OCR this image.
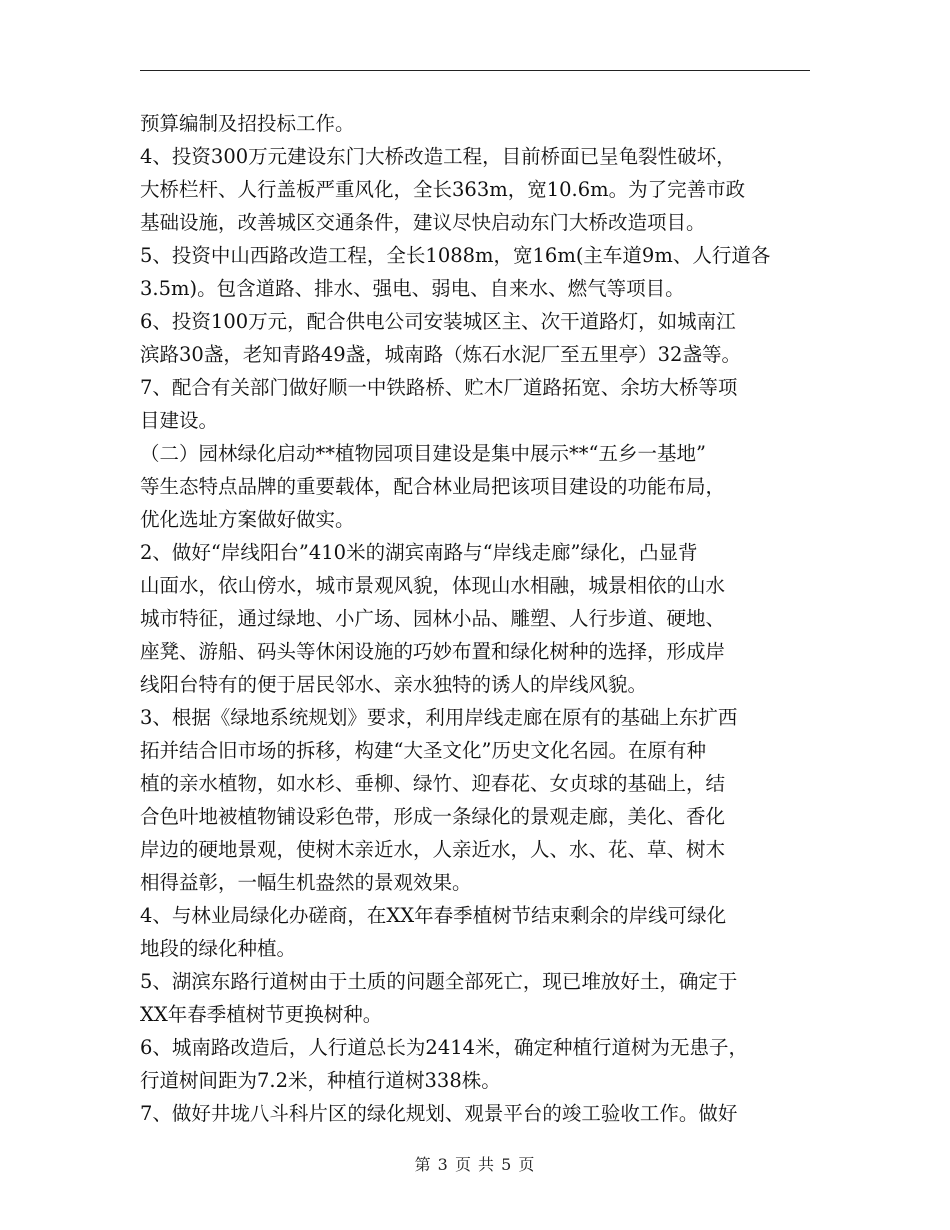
预算编制及招投标工作。
4、投资300万元建设东门大桥改造工程，目前桥面已呈龟裂性破坏，
大桥栏杆、人行盖板严重风化，全长363m，宽10.6m。为了完善市政
基础设施，改善城区交通条件，建议尽快启动东门大桥改造项目。
5、投资中山西路改造工程，全长1088m，宽16m(主车道9m、人行道各
3.5m)。包含道路、排水、强电、弱电、自来水、燃气等项目。
6、投资100万元，配合供电公司安装城区主、次干道路灯，如城南江
滨路30盏，老知青路49盏，城南路（炼石水泥厂至五里亭）32盏等。
7、配合有关部门做好顺一中铁路桥、贮木厂道路拓宽、余坊大桥等项
目建设。
（二）园林绿化启动**植物园项目建设是集中展示**“五乡一基地”
等生态特点品牌的重要载体，配合林业局把该项目建设的功能布局，
优化选址方案做好做实。
2、做好“岸线阳台”410米的湖宾南路与“岸线走廊”绿化，凸显背
山面水，依山傍水，城市景观风貌，体现山水相融，城景相依的山水
城市特征，通过绿地、小广场、园林小品、雕塑、人行步道、硬地、
座凳、游船、码头等休闲设施的巧妙布置和绿化树种的选择，形成岸
线阳台特有的便于居民邻水、亲水独特的诱人的岸线风貌。
3、根据《绿地系统规划》要求，利用岸线走廊在原有的基础上东扩西
拓并结合旧市场的拆移，构建“大圣文化”历史文化名园。在原有种
植的亲水植物，如水杉、垂柳、绿竹、迎春花、女贞球的基础上，结
合色叶地被植物铺设彩色带，形成一条绿化的景观走廊，美化、香化
岸边的硬地景观，使树木亲近水，人亲近水，人、水、花、草、树木
相得益彰，一幅生机盎然的景观效果。
4、与林业局绿化办磋商，在XX年春季植树节结束剩余的岸线可绿化
地段的绿化种植。
5、湖滨东路行道树由于土质的问题全部死亡，现已堆放好土，确定于
XX年春季植树节更换树种。
6、城南路改造后，人行道总长为2414米，确定种植行道树为无患子，
行道树间距为7.2米，种植行道树338株。
7、做好井垅八斗科片区的绿化规划、观景平台的竣工验收工作。做好
第 3 页 共 5 页
